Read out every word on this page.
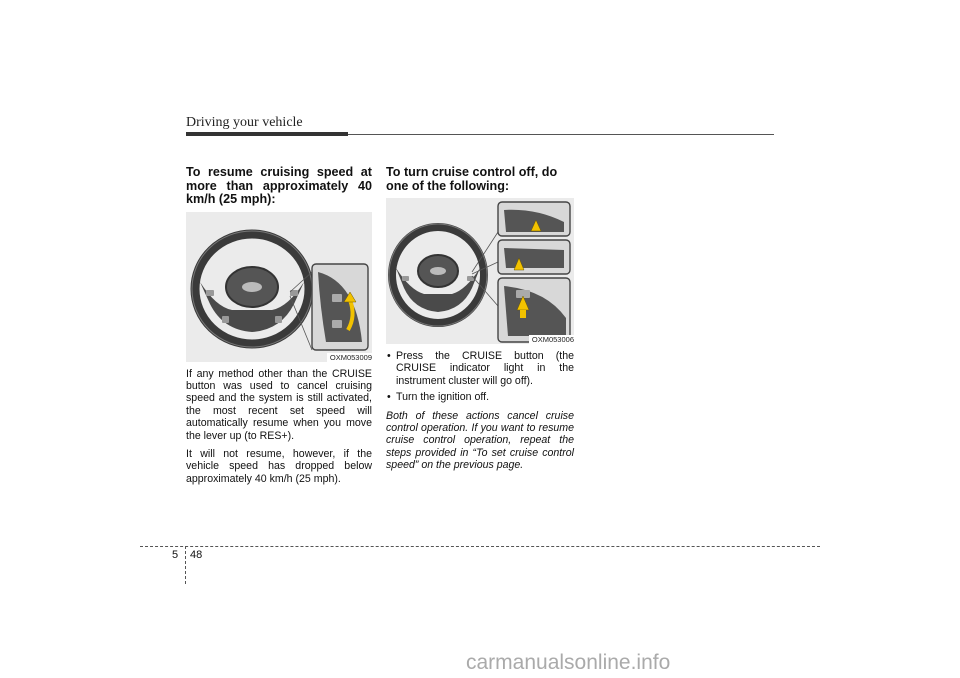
Driving your vehicle
To resume cruising speed at more than approximately 40 km/h (25 mph):
OXM053009

If any method other than the CRUISE button was used to cancel cruising speed and the system is still activated, the most recent set speed will automatically resume when you move the lever up (to RES+).

It will not resume, however, if the vehicle speed has dropped below approximately 40 km/h (25 mph).

To turn cruise control off, do one of the following:
OXM053006
• Press the CRUISE button (the CRUISE indicator light in the instrument cluster will go off).
• Turn the ignition off.

Both of these actions cancel cruise control operation. If you want to resume cruise control operation, repeat the steps provided in “To set cruise control speed” on the previous page.

5 48
carmanualsonline.info
